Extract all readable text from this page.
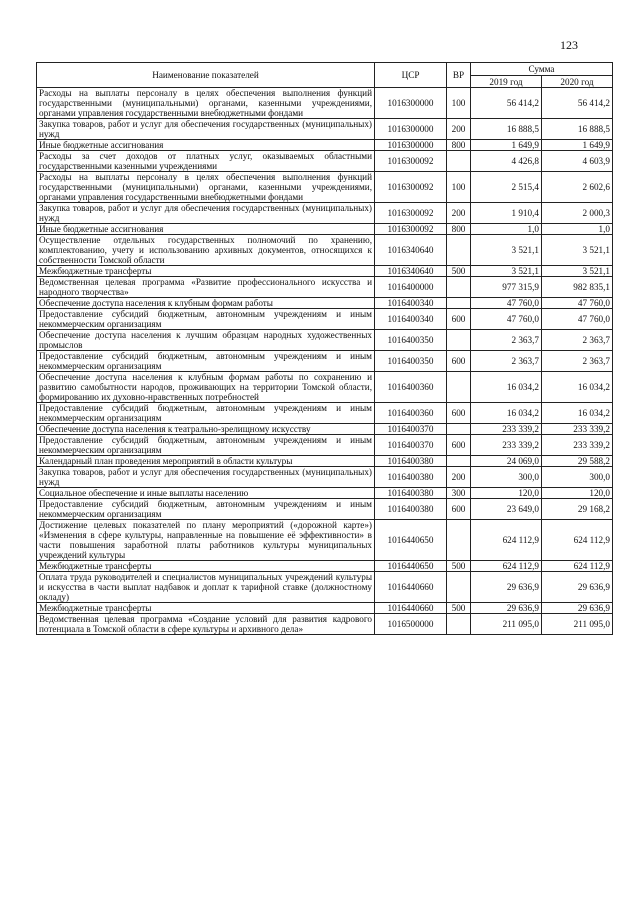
123
Наименование показателей	ЦСР	ВР	Сумма	
			2019 год	2020 год
Расходы на выплаты персоналу в целях обеспечения выполнения функций государственными (муниципальными) органами, казенными учреждениями, органами управления государственными внебюджетными фондами	1016300000	100	56 414,2	56 414,2
Закупка товаров, работ и услуг для обеспечения государственных (муниципальных) нужд	1016300000	200	16 888,5	16 888,5
Иные бюджетные ассигнования	1016300000	800	1 649,9	1 649,9
Расходы за счет доходов от платных услуг, оказываемых областными государственными казенными учреждениями	1016300092		4 426,8	4 603,9
Расходы на выплаты персоналу в целях обеспечения выполнения функций государственными (муниципальными) органами, казенными учреждениями, органами управления государственными внебюджетными фондами	1016300092	100	2 515,4	2 602,6
Закупка товаров, работ и услуг для обеспечения государственных (муниципальных) нужд	1016300092	200	1 910,4	2 000,3
Иные бюджетные ассигнования	1016300092	800	1,0	1,0
Осуществление отдельных государственных полномочий по хранению, комплектованию, учету и использованию архивных документов, относящихся к собственности Томской области	1016340640		3 521,1	3 521,1
Межбюджетные трансферты	1016340640	500	3 521,1	3 521,1
Ведомственная целевая программа «Развитие профессионального искусства и народного творчества»	1016400000		977 315,9	982 835,1
Обеспечение доступа населения к клубным формам работы	1016400340		47 760,0	47 760,0
Предоставление субсидий бюджетным, автономным учреждениям и иным некоммерческим организациям	1016400340	600	47 760,0	47 760,0
Обеспечение доступа населения к лучшим образцам народных художественных промыслов	1016400350		2 363,7	2 363,7
Предоставление субсидий бюджетным, автономным учреждениям и иным некоммерческим организациям	1016400350	600	2 363,7	2 363,7
Обеспечение доступа населения к клубным формам работы по сохранению и развитию самобытности народов, проживающих на территории Томской области, формированию их духовно-нравственных потребностей	1016400360		16 034,2	16 034,2
Предоставление субсидий бюджетным, автономным учреждениям и иным некоммерческим организациям	1016400360	600	16 034,2	16 034,2
Обеспечение доступа населения к театрально-зрелищному искусству	1016400370		233 339,2	233 339,2
Предоставление субсидий бюджетным, автономным учреждениям и иным некоммерческим организациям	1016400370	600	233 339,2	233 339,2
Календарный план проведения мероприятий в области культуры	1016400380		24 069,0	29 588,2
Закупка товаров, работ и услуг для обеспечения государственных (муниципальных) нужд	1016400380	200	300,0	300,0
Социальное обеспечение и иные выплаты населению	1016400380	300	120,0	120,0
Предоставление субсидий бюджетным, автономным учреждениям и иным некоммерческим организациям	1016400380	600	23 649,0	29 168,2
Достижение целевых показателей по плану мероприятий («дорожной карте») «Изменения в сфере культуры, направленные на повышение её эффективности» в части повышения заработной платы работников культуры муниципальных учреждений культуры	1016440650		624 112,9	624 112,9
Межбюджетные трансферты	1016440650	500	624 112,9	624 112,9
Оплата труда руководителей и специалистов муниципальных учреждений культуры и искусства в части выплат надбавок и доплат к тарифной ставке (должностному окладу)	1016440660		29 636,9	29 636,9
Межбюджетные трансферты	1016440660	500	29 636,9	29 636,9
Ведомственная целевая программа «Создание условий для развития кадрового потенциала в Томской области в сфере культуры и архивного дела»	1016500000		211 095,0	211 095,0
